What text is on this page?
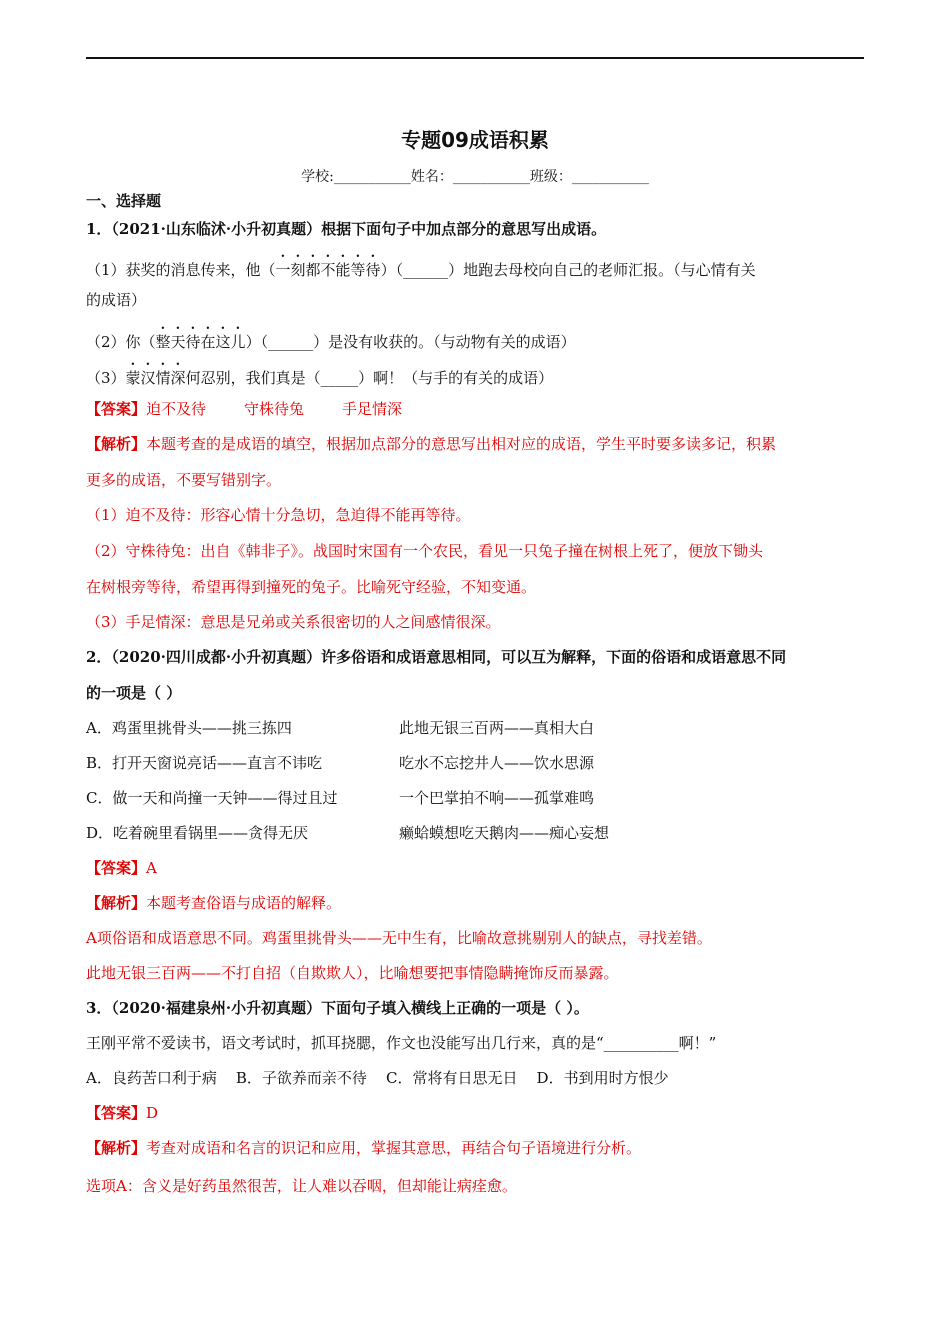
专题09成语积累
学校:___________姓名：___________班级：___________
一、选择题
1．（2021·山东临沭·小升初真题）根据下面句子中加点部分的意思写出成语。
（1）获奖的消息传来，他（一刻都不能等待）（______）地跑去母校向自己的老师汇报。（与心情有关
的成语）
（2）你（整天待在这儿）（______）是没有收获的。（与动物有关的成语）
（3）蒙汉情深何忍别，我们真是（_____）啊！（与手的有关的成语）
【答案】迫不及待	守株待兔	手足情深
【解析】本题考查的是成语的填空，根据加点部分的意思写出相对应的成语，学生平时要多读多记，积累
更多的成语，不要写错别字。
（1）迫不及待：形容心情十分急切，急迫得不能再等待。
（2）守株待兔：出自《韩非子》。战国时宋国有一个农民，看见一只兔子撞在树根上死了，便放下锄头
在树根旁等待，希望再得到撞死的兔子。比喻死守经验，不知变通。
（3）手足情深：意思是兄弟或关系很密切的人之间感情很深。
2．（2020·四川成都·小升初真题）许多俗语和成语意思相同，可以互为解释，下面的俗语和成语意思不同
的一项是（ ）
A．鸡蛋里挑骨头——挑三拣四	此地无银三百两——真相大白
B．打开天窗说亮话——直言不讳吃	吃水不忘挖井人——饮水思源
C．做一天和尚撞一天钟——得过且过	一个巴掌拍不响——孤掌难鸣
D．吃着碗里看锅里——贪得无厌	癞蛤蟆想吃天鹅肉——痴心妄想
【答案】A
【解析】本题考查俗语与成语的解释。
A项俗语和成语意思不同。鸡蛋里挑骨头——无中生有，比喻故意挑剔别人的缺点，寻找差错。
此地无银三百两——不打自招（自欺欺人），比喻想要把事情隐瞒掩饰反而暴露。
3．（2020·福建泉州·小升初真题）下面句子填入横线上正确的一项是（ ）。
王刚平常不爱读书，语文考试时，抓耳挠腮，作文也没能写出几行来，真的是“__________啊！”
A．良药苦口利于病    B．子欲养而亲不待    C．常将有日思无日    D．书到用时方恨少
【答案】D
【解析】考查对成语和名言的识记和应用，掌握其意思，再结合句子语境进行分析。
选项A：含义是好药虽然很苦，让人难以吞咽，但却能让病痊愈。
